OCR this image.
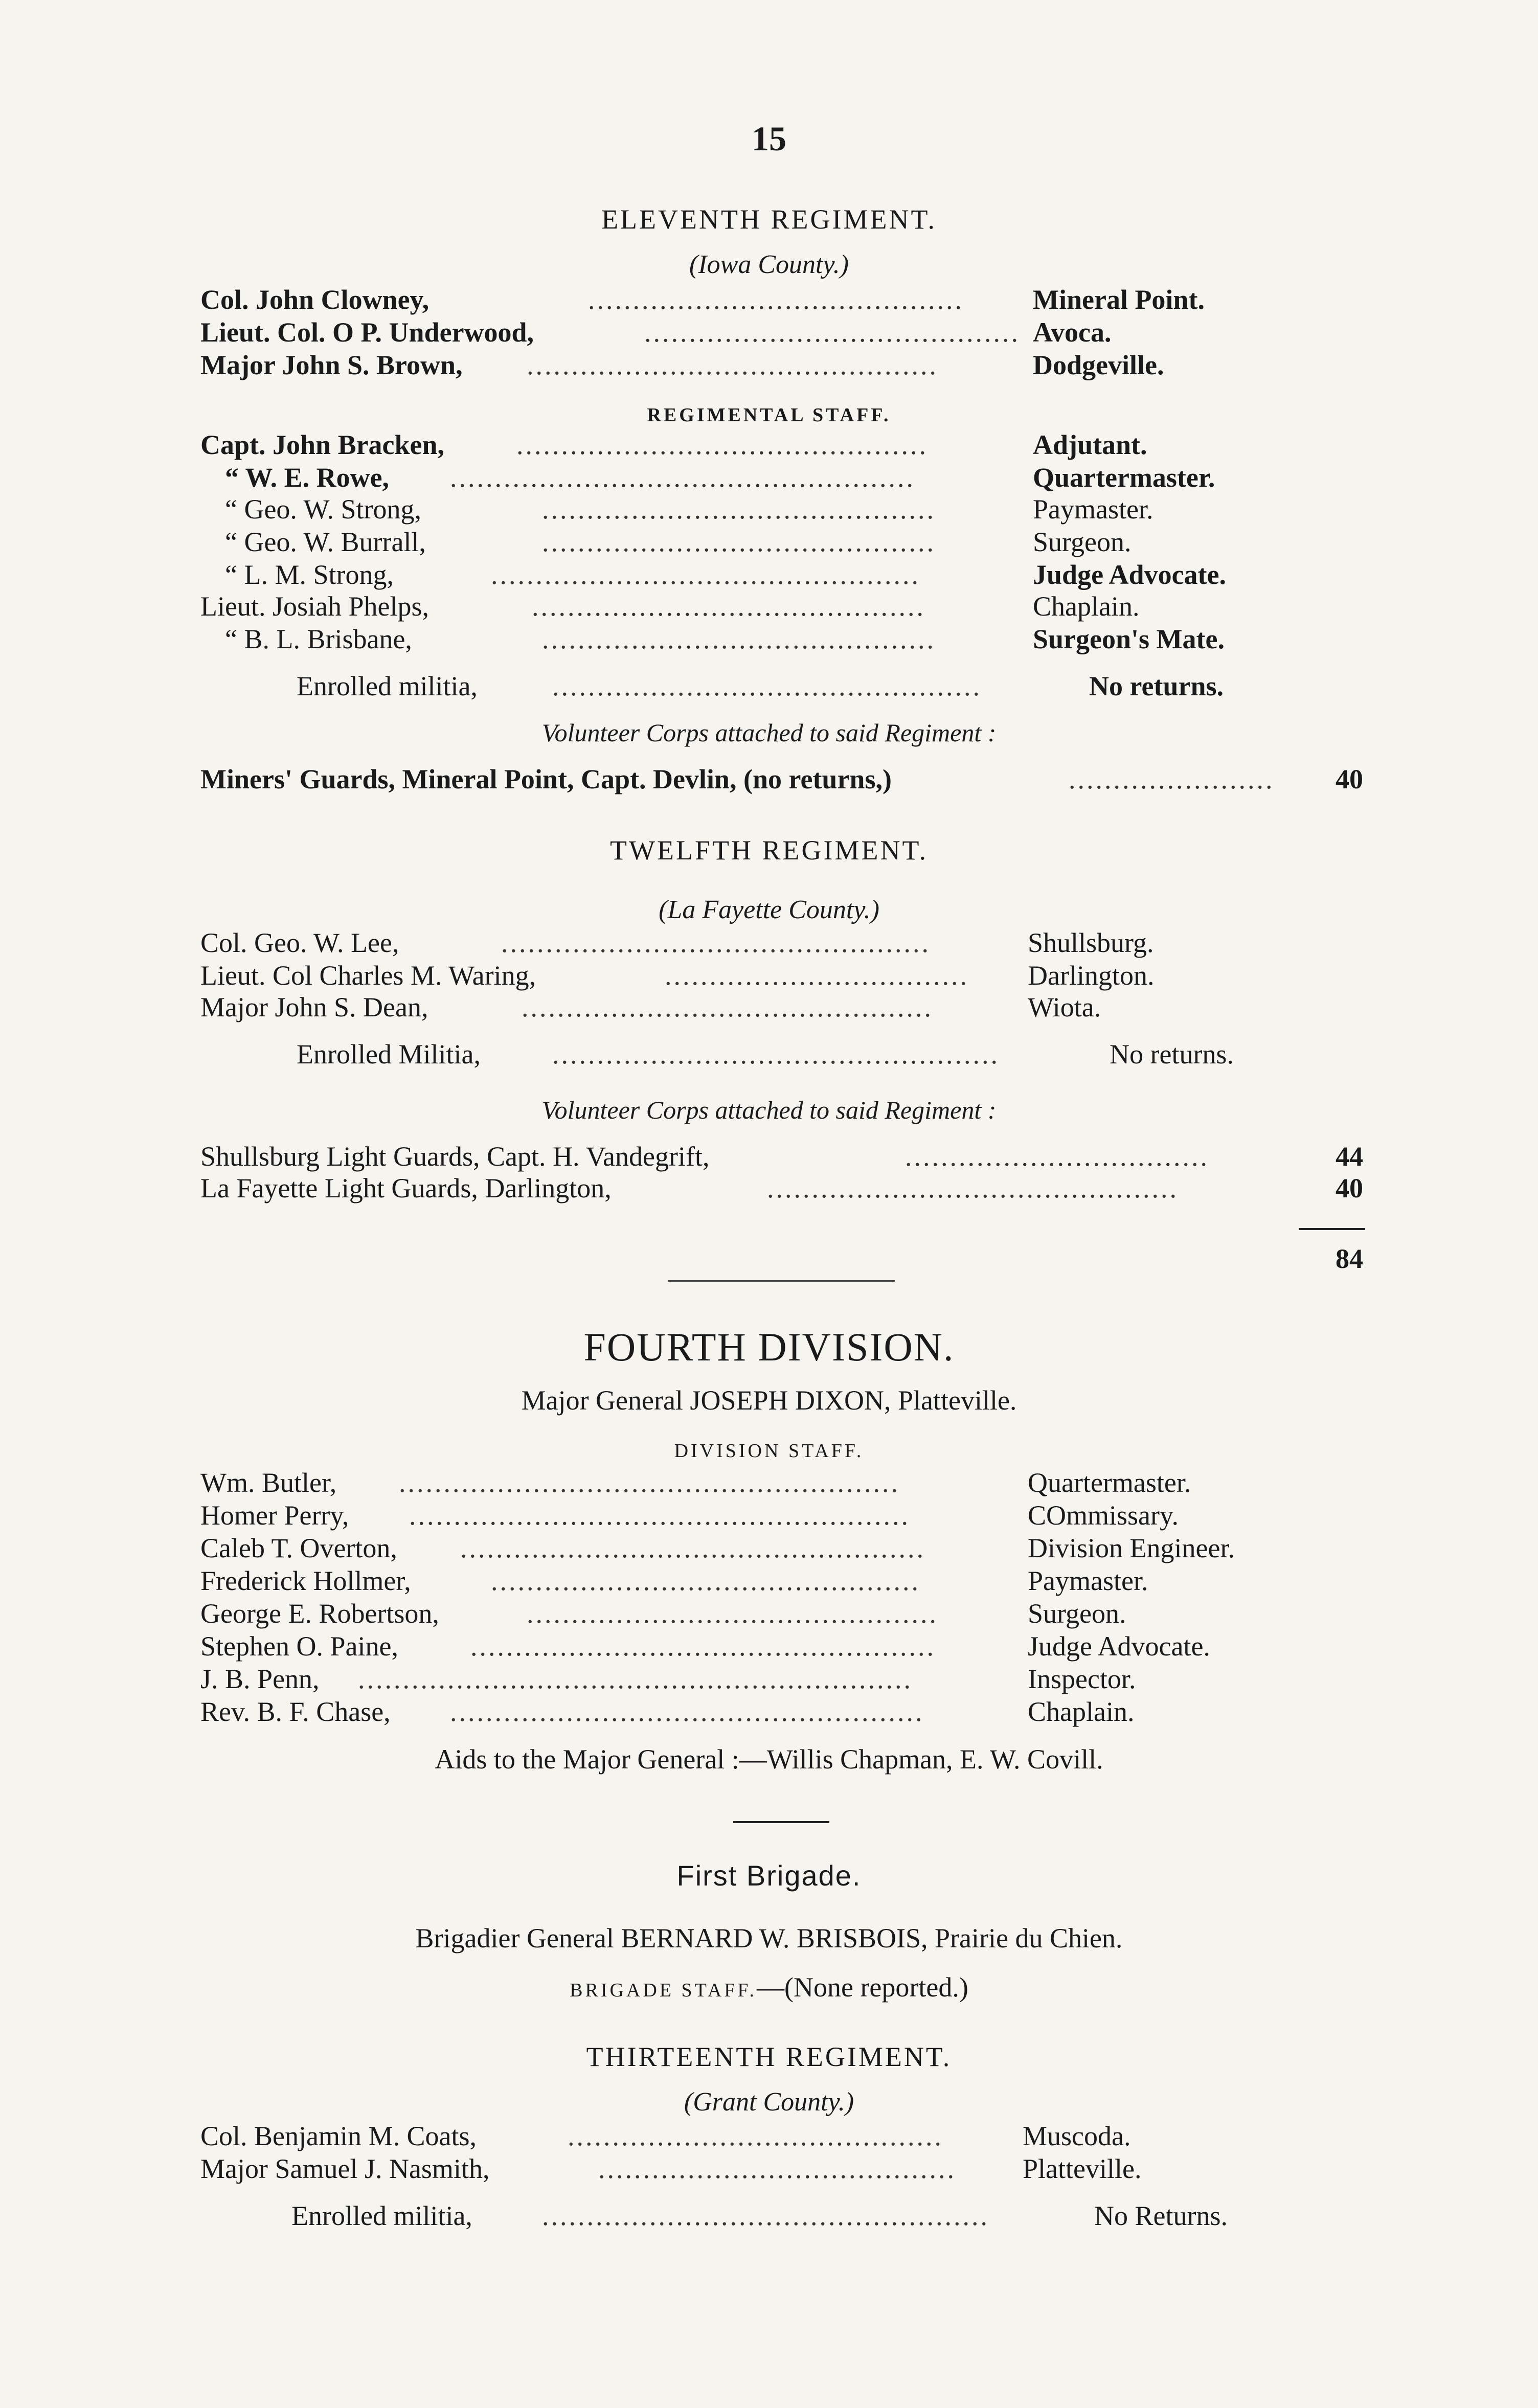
15
ELEVENTH REGIMENT.
(Iowa County.)
Col. John Clowney,	..........................................	Mineral Point.
Lieut. Col. O P. Underwood,	.......................................... Avoca.
Major John S. Brown, ..............................................	Dodgeville.
REGIMENTAL STAFF.
Capt. John Bracken,	..............................................	Adjutant.
“ W. E. Rowe, ....................................................	Quartermaster.
“ Geo. W. Strong,	............................................	Paymaster.
“ Geo. W. Burrall,	............................................	Surgeon.
“ L. M. Strong,	................................................	Judge Advocate.
Lieut. Josiah Phelps,	............................................	Chaplain.
“ B. L. Brisbane,	............................................	Surgeon's Mate.
Enrolled militia,	................................................	No returns.
Volunteer Corps attached to said Regiment :
Miners' Guards, Mineral Point, Capt. Devlin, (no returns,)	.......................	40
TWELFTH REGIMENT.
(La Fayette County.)
Col. Geo. W. Lee,	................................................	Shullsburg.
Lieut. Col Charles M. Waring,	..................................	Darlington.
Major John S. Dean,	..............................................	Wiota.
Enrolled Militia,	..................................................	No returns.
Volunteer Corps attached to said Regiment :
Shullsburg Light Guards, Capt. H. Vandegrift,	..................................	44
La Fayette Light Guards, Darlington,	..............................................	40
84
FOURTH DIVISION.
Major General JOSEPH DIXON, Platteville.
DIVISION STAFF.
Wm. Butler, ........................................................	Quartermaster.
Homer Perry, ........................................................	COmmissary.
Caleb T. Overton, ....................................................	Division Engineer.
Frederick Hollmer,	................................................	Paymaster.
George E. Robertson,	..............................................	Surgeon.
Stephen O. Paine,	....................................................	Judge Advocate.
J. B. Penn, ..............................................................	Inspector.
Rev. B. F. Chase, .....................................................	Chaplain.
Aids to the Major General :—Willis Chapman, E. W. Covill.
First Brigade.
Brigadier General BERNARD W. BRISBOIS, Prairie du Chien.
BRIGADE STAFF.—(None reported.)
THIRTEENTH REGIMENT.
(Grant County.)
Col. Benjamin M. Coats,	..........................................	Muscoda.
Major Samuel J. Nasmith,	........................................	Platteville.
Enrolled militia,	..................................................	No Returns.
